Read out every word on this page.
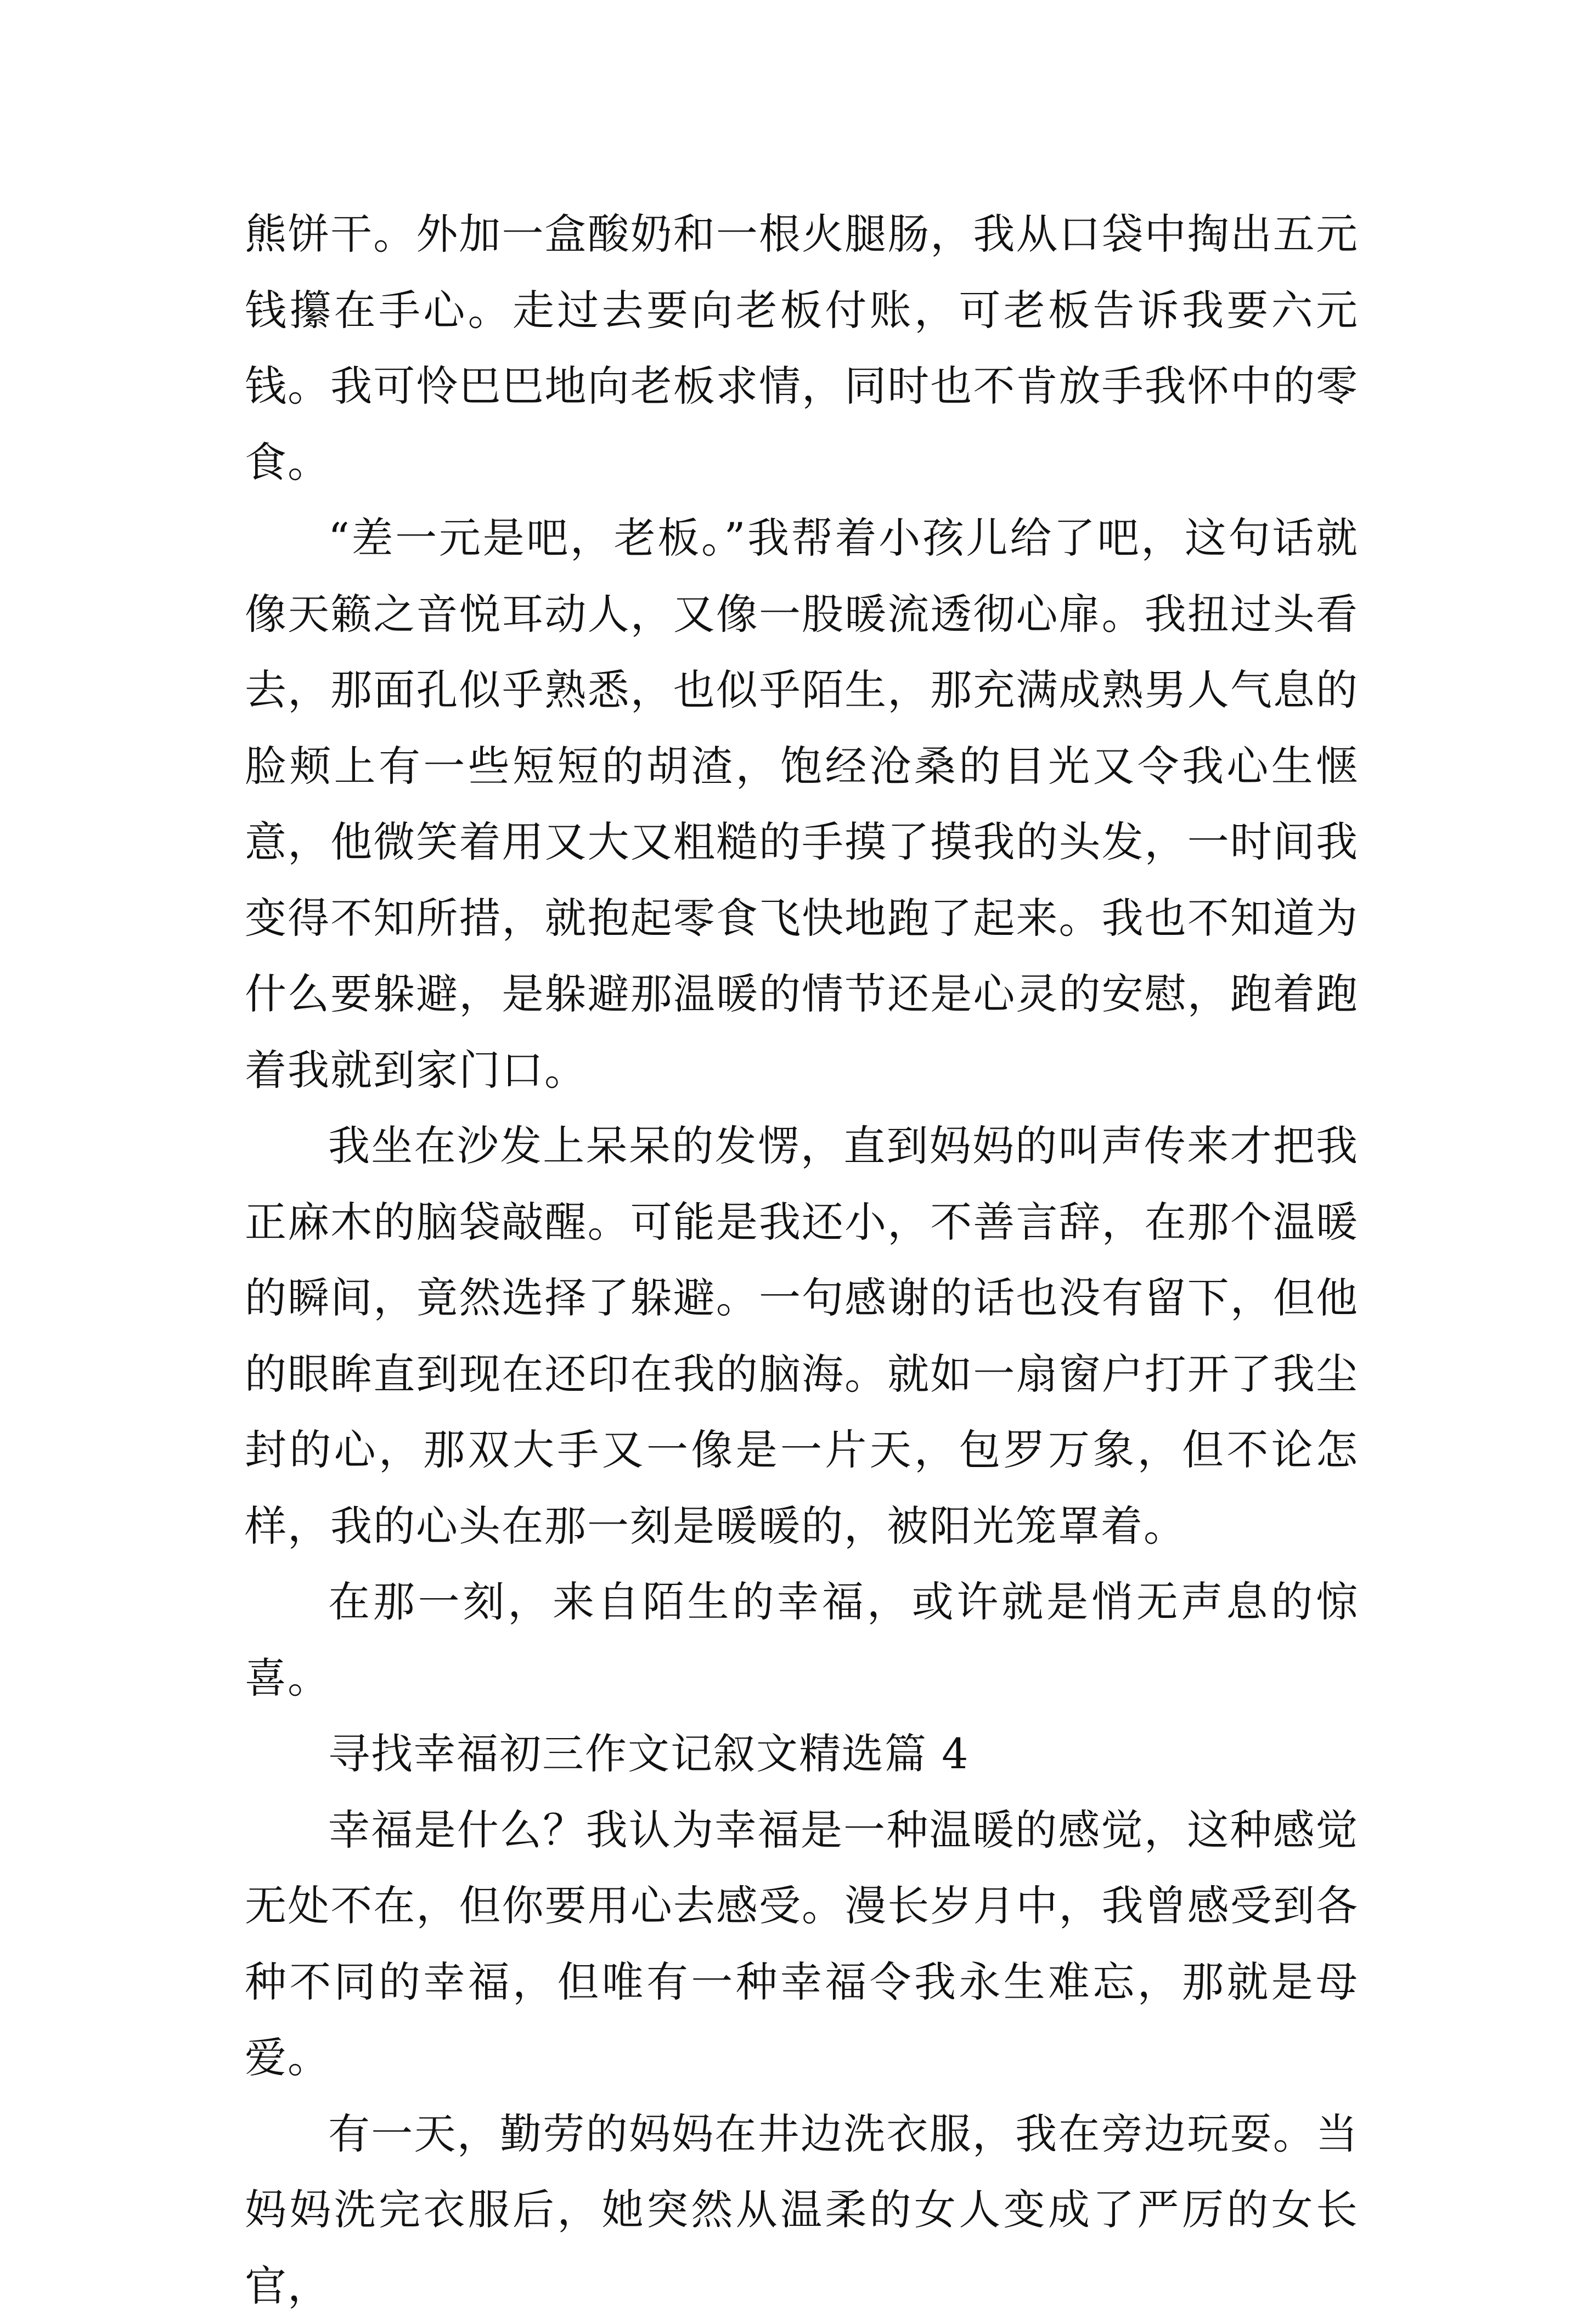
熊饼干。外加一盒酸奶和一根火腿肠，我从口袋中掏出五元钱攥在手心。走过去要向老板付账，可老板告诉我要六元钱。我可怜巴巴地向老板求情，同时也不肯放手我怀中的零食。

“差一元是吧，老板。”我帮着小孩儿给了吧，这句话就像天籁之音悦耳动人，又像一股暖流透彻心扉。我扭过头看去，那面孔似乎熟悉，也似乎陌生，那充满成熟男人气息的脸颊上有一些短短的胡渣，饱经沧桑的目光又令我心生惬意，他微笑着用又大又粗糙的手摸了摸我的头发，一时间我变得不知所措，就抱起零食飞快地跑了起来。我也不知道为什么要躲避，是躲避那温暖的情节还是心灵的安慰，跑着跑着我就到家门口。

我坐在沙发上呆呆的发愣，直到妈妈的叫声传来才把我正麻木的脑袋敲醒。可能是我还小，不善言辞，在那个温暖的瞬间，竟然选择了躲避。一句感谢的话也没有留下，但他的眼眸直到现在还印在我的脑海。就如一扇窗户打开了我尘封的心，那双大手又一像是一片天，包罗万象，但不论怎样，我的心头在那一刻是暖暖的，被阳光笼罩着。

在那一刻，来自陌生的幸福，或许就是悄无声息的惊喜。

寻找幸福初三作文记叙文精选篇 4

幸福是什么？我认为幸福是一种温暖的感觉，这种感觉无处不在，但你要用心去感受。漫长岁月中，我曾感受到各种不同的幸福，但唯有一种幸福令我永生难忘，那就是母爱。

有一天，勤劳的妈妈在井边洗衣服，我在旁边玩耍。当妈妈洗完衣服后，她突然从温柔的女人变成了严厉的女长官，
